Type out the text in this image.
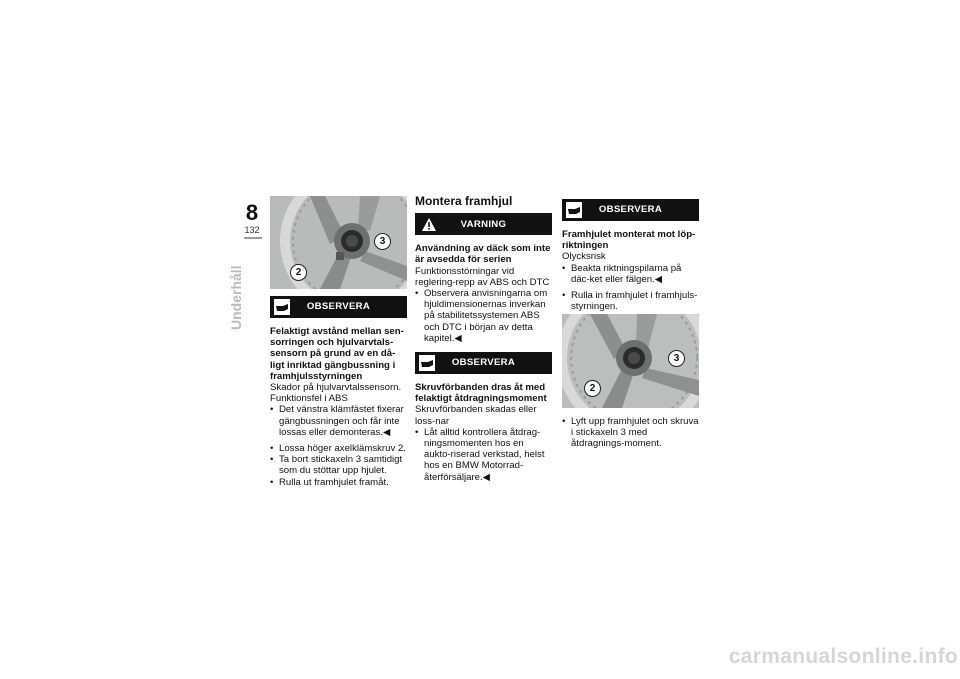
8
132
Underhåll
3
2
OBSERVERA

Felaktigt avstånd mellan sen-sorringen och hjulvarvtals-sensorn på grund av en då-ligt inriktad gängbussning i framhjulsstyrningen

Skador på hjulvarvtalssensorn. Funktionsfel i ABS

• Det vänstra klämfästet fixerar gängbussningen och får inte lossas eller demonteras.◀
• Lossa höger axelklämskruv 2.
• Ta bort stickaxeln 3 samtidigt som du stöttar upp hjulet.
• Rulla ut framhjulet framåt.

Montera framhjul

VARNING

Användning av däck som inte är avsedda för serien

Funktionsstörningar vid reglering-repp av ABS och DTC

• Observera anvisningarna om hjuldimensionernas inverkan på stabilitetssystemen ABS och DTC i början av detta kapitel.◀
OBSERVERA

Skruvförbanden dras åt med felaktigt åtdragningsmoment

Skruvförbanden skadas eller loss-nar

• Låt alltid kontrollera åtdrag-ningsmomenten hos en aukto-riserad verkstad, helst hos en BMW Motorrad-återförsäljare.◀
OBSERVERA

Framhjulet monterat mot löp-riktningen

Olycksrisk

• Beakta riktningspilarna på däc-ket eller fälgen.◀
• Rulla in framhjulet i framhjuls-styrningen.
3
2
• Lyft upp framhjulet och skruva i stickaxeln 3 med åtdragnings-moment.
carmanualsonline.info
